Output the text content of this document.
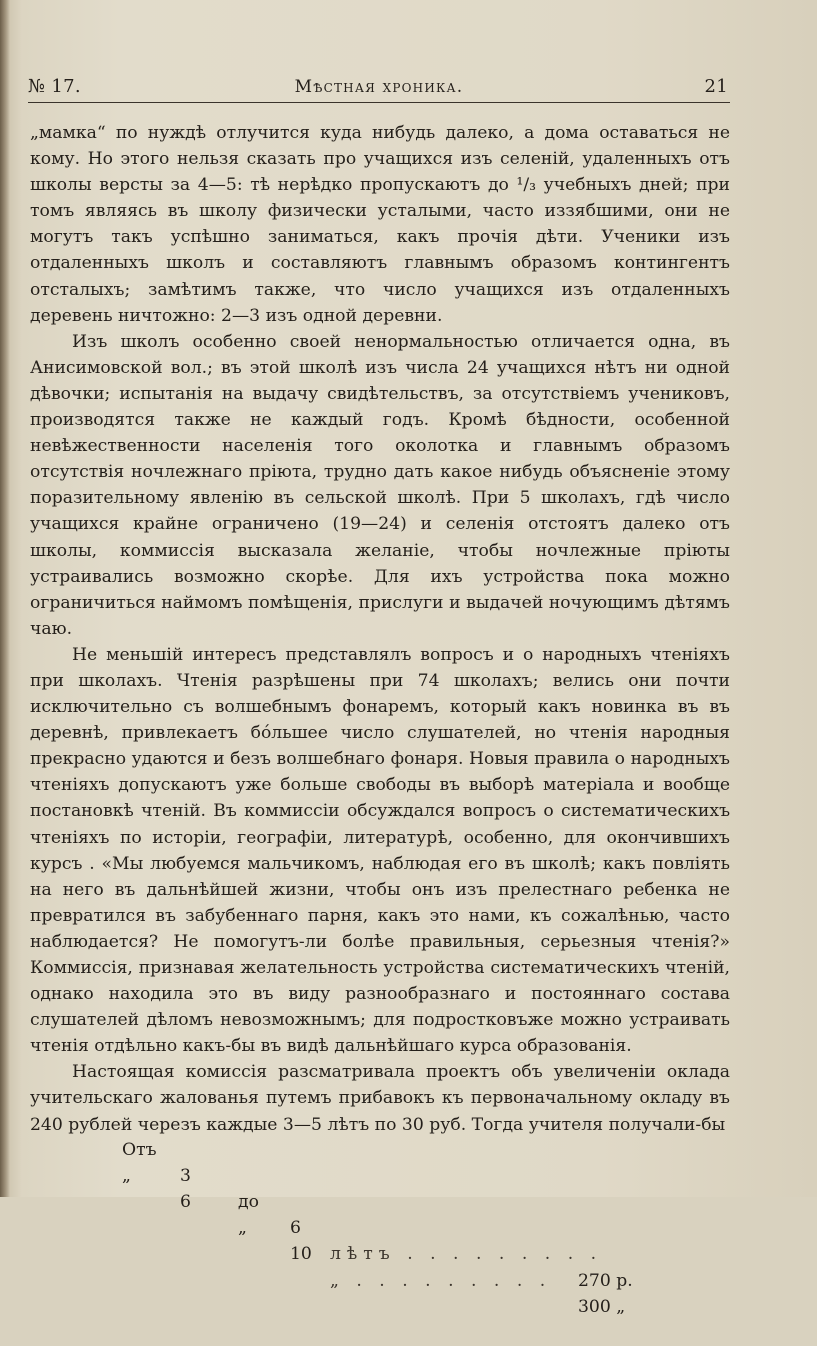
№ 17.	Мѣстная хроника.	21

„мамка“ по нуждѣ отлучится куда нибудь далеко, а дома оставаться не кому. Но этого нельзя сказать про учащихся изъ селеній, удаленныхъ отъ школы версты за 4—5: тѣ нерѣдко пропускаютъ до ¹/₃ учебныхъ дней; при томъ являясь въ школу физически усталыми, часто иззябшими, они не могутъ такъ успѣшно заниматься, какъ прочія дѣти. Ученики изъ отдаленныхъ школъ и составляютъ главнымъ образомъ контингентъ отсталыхъ; замѣтимъ также, что число учащихся изъ отдаленныхъ деревень ничтожно: 2—3 изъ одной деревни.

Изъ школъ особенно своей ненормальностью отличается одна, въ Анисимовской вол.; въ этой школѣ изъ числа 24 учащихся нѣтъ ни одной дѣвочки; испытанія на выдачу свидѣтельствъ, за отсутствіемъ учениковъ, производятся также не каждый годъ. Кромѣ бѣдности, особенной невѣжественности населенія того околотка и главнымъ образомъ отсутствія ночлежнаго пріюта, трудно дать какое нибудь объясненіе этому поразительному явленію въ сельской школѣ. При 5 школахъ, гдѣ число учащихся крайне ограничено (19—24) и селенія отстоятъ далеко отъ школы, коммиссія высказала желаніе, чтобы ночлежные пріюты устраивались возможно скорѣе. Для ихъ устройства пока можно ограничиться наймомъ помѣщенія, прислуги и выдачей ночующимъ дѣтямъ чаю.

Не меньшій интересъ представлялъ вопросъ и о народныхъ чтеніяхъ при школахъ. Чтенія разрѣшены при 74 школахъ; велись они почти исключительно съ волшебнымъ фонаремъ, который какъ новинка въ въ деревнѣ, привлекаетъ бóльшее число слушателей, но чтенія народныя прекрасно удаются и безъ волшебнаго фонаря. Новыя правила о народныхъ чтеніяхъ допускаютъ уже больше свободы въ выборѣ матеріала и вообще постановкѣ чтеній. Въ коммиссіи обсуждался вопросъ о систематическихъ чтеніяхъ по исторіи, географіи, литературѣ, особенно, для окончившихъ курсъ . «Мы любуемся мальчикомъ, наблюдая его въ школѣ; какъ повліять на него въ дальнѣйшей жизни, чтобы онъ изъ прелестнаго ребенка не превратился въ забубеннаго парня, какъ это нами, къ сожалѣнью, часто наблюдается? Не помогутъ-ли болѣе правильныя, серьезныя чтенія?» Коммиссія, признавая желательность устройства систематическихъ чтеній, однако находила это въ виду разнообразнаго и постояннаго состава слушателей дѣломъ невозможнымъ; для подростковъже можно устраивать чтенія отдѣльно какъ-бы въ видѣ дальнѣйшаго курса образованія.

Настоящая комиссія разсматривала проектъ объ увеличеніи оклада учительскаго жалованья путемъ прибавокъ къ первоначальному окладу въ 240 рублей черезъ каждые 3—5 лѣтъ по 30 руб. Тогда учителя получали-бы

Отъ

3

до

6

лѣтъ . . . . . . . . .

270 р.

„

6

„

10

„ . . . . . . . . .

300 „
